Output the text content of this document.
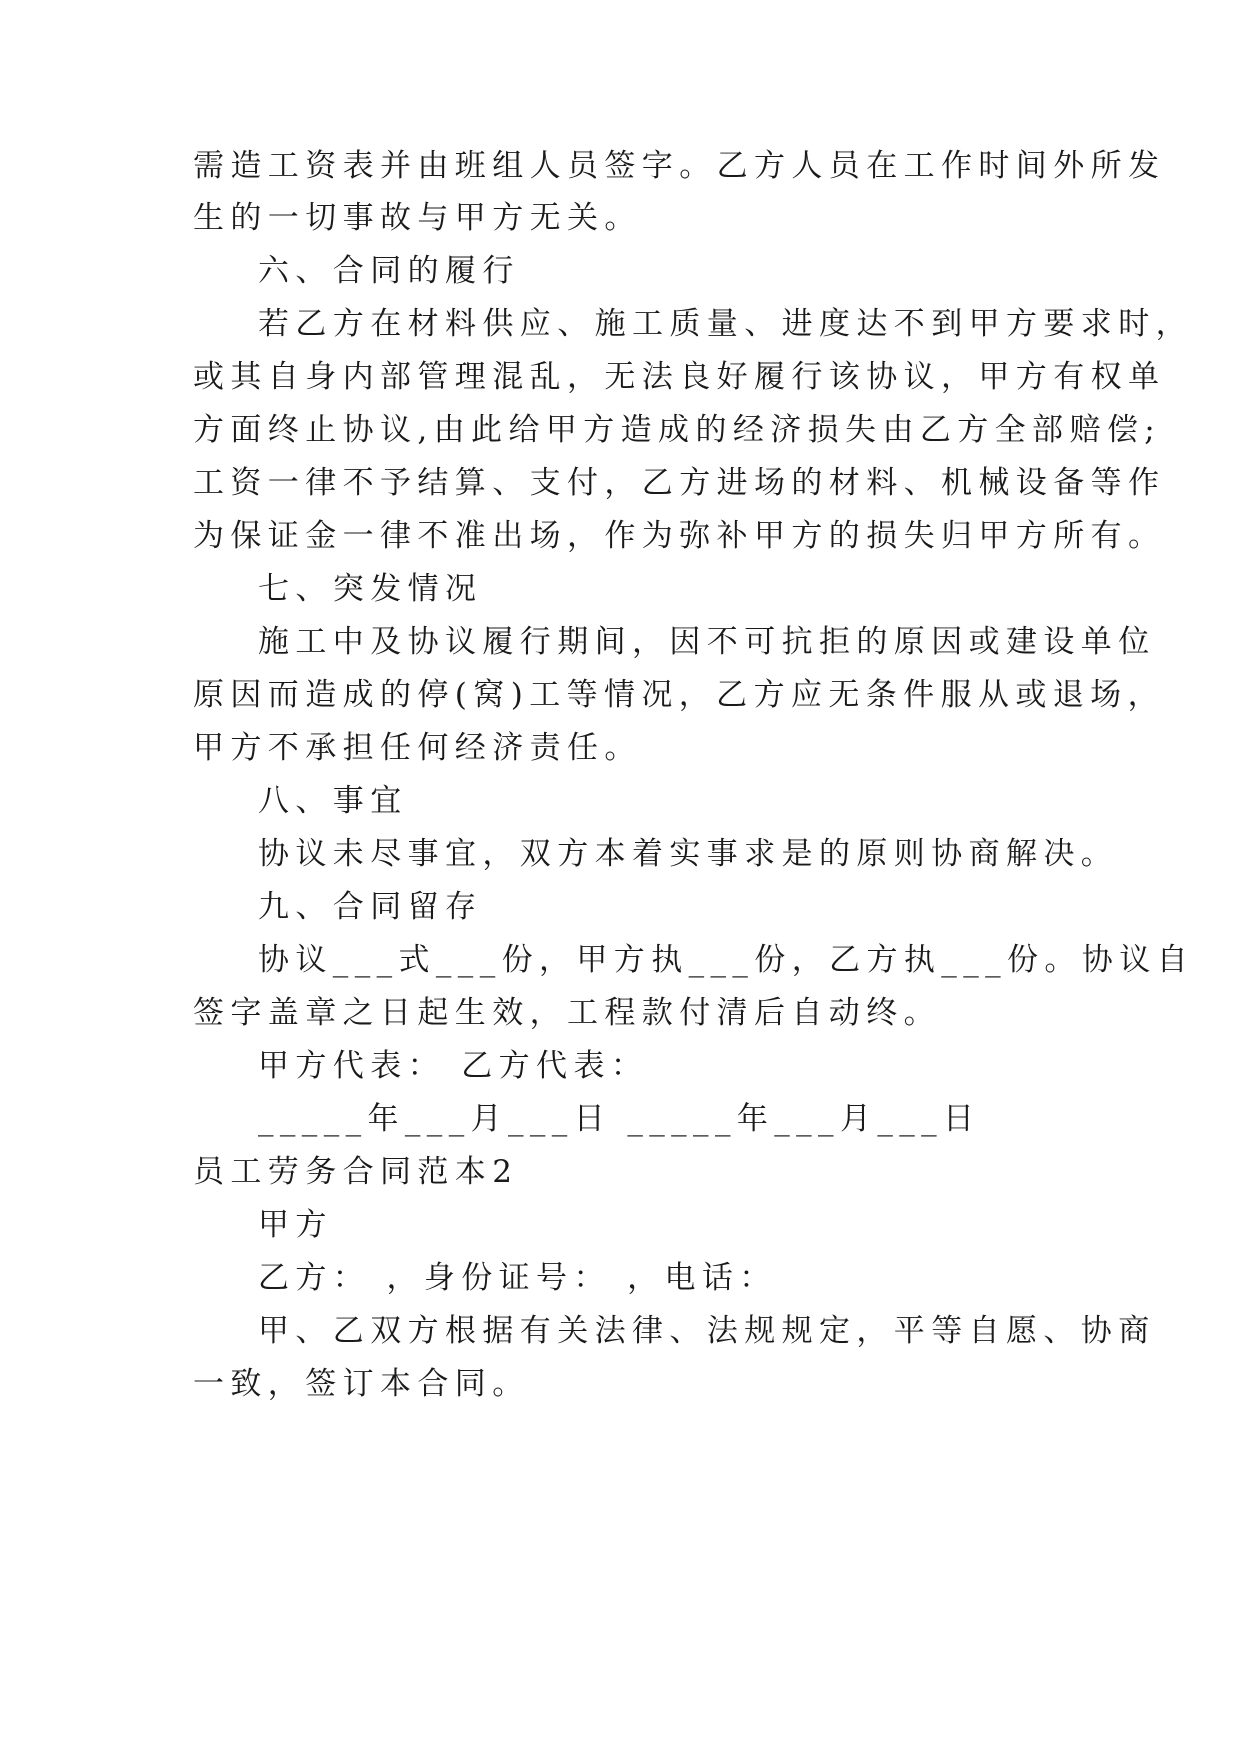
需造工资表并由班组人员签字。乙方人员在工作时间外所发
生的一切事故与甲方无关。
六、合同的履行
若乙方在材料供应、施工质量、进度达不到甲方要求时，
或其自身内部管理混乱，无法良好履行该协议，甲方有权单
方面终止协议,由此给甲方造成的经济损失由乙方全部赔偿;
工资一律不予结算、支付，乙方进场的材料、机械设备等作
为保证金一律不准出场，作为弥补甲方的损失归甲方所有。
七、突发情况
施工中及协议履行期间，因不可抗拒的原因或建设单位
原因而造成的停(窝)工等情况，乙方应无条件服从或退场，
甲方不承担任何经济责任。
八、事宜
协议未尽事宜，双方本着实事求是的原则协商解决。
九、合同留存
协议___式___份，甲方执___份，乙方执___份。协议自
签字盖章之日起生效，工程款付清后自动终。
甲方代表： 乙方代表：
_____年___月___日 _____年___月___日
员工劳务合同范本2
甲方
乙方： ，身份证号： ，电话：
甲、乙双方根据有关法律、法规规定，平等自愿、协商
一致，签订本合同。
